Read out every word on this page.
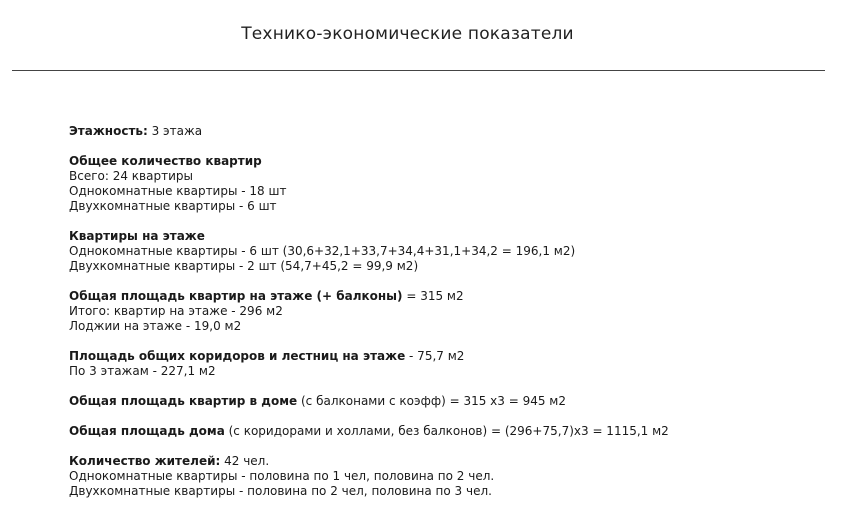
Технико-экономические показатели
Этажность: 3 этажа
Общее количество квартир
Всего: 24 квартиры
Однокомнатные квартиры - 18 шт
Двухкомнатные квартиры - 6 шт
Квартиры на этаже
Однокомнатные квартиры - 6 шт (30,6+32,1+33,7+34,4+31,1+34,2 = 196,1 м2)
Двухкомнатные квартиры - 2 шт (54,7+45,2 = 99,9 м2)
Общая площадь квартир на этаже (+ балконы) = 315 м2
Итого: квартир на этаже - 296 м2
Лоджии на этаже - 19,0 м2
Площадь общих коридоров и лестниц на этаже - 75,7 м2
По 3 этажам - 227,1 м2
Общая площадь квартир в доме (с балконами с коэфф) = 315 х3 = 945 м2
Общая площадь дома (с коридорами и холлами, без балконов) = (296+75,7)х3 = 1115,1 м2
Количество жителей: 42 чел.
Однокомнатные квартиры - половина по 1 чел, половина по 2 чел.
Двухкомнатные квартиры - половина по 2 чел, половина по 3 чел.
